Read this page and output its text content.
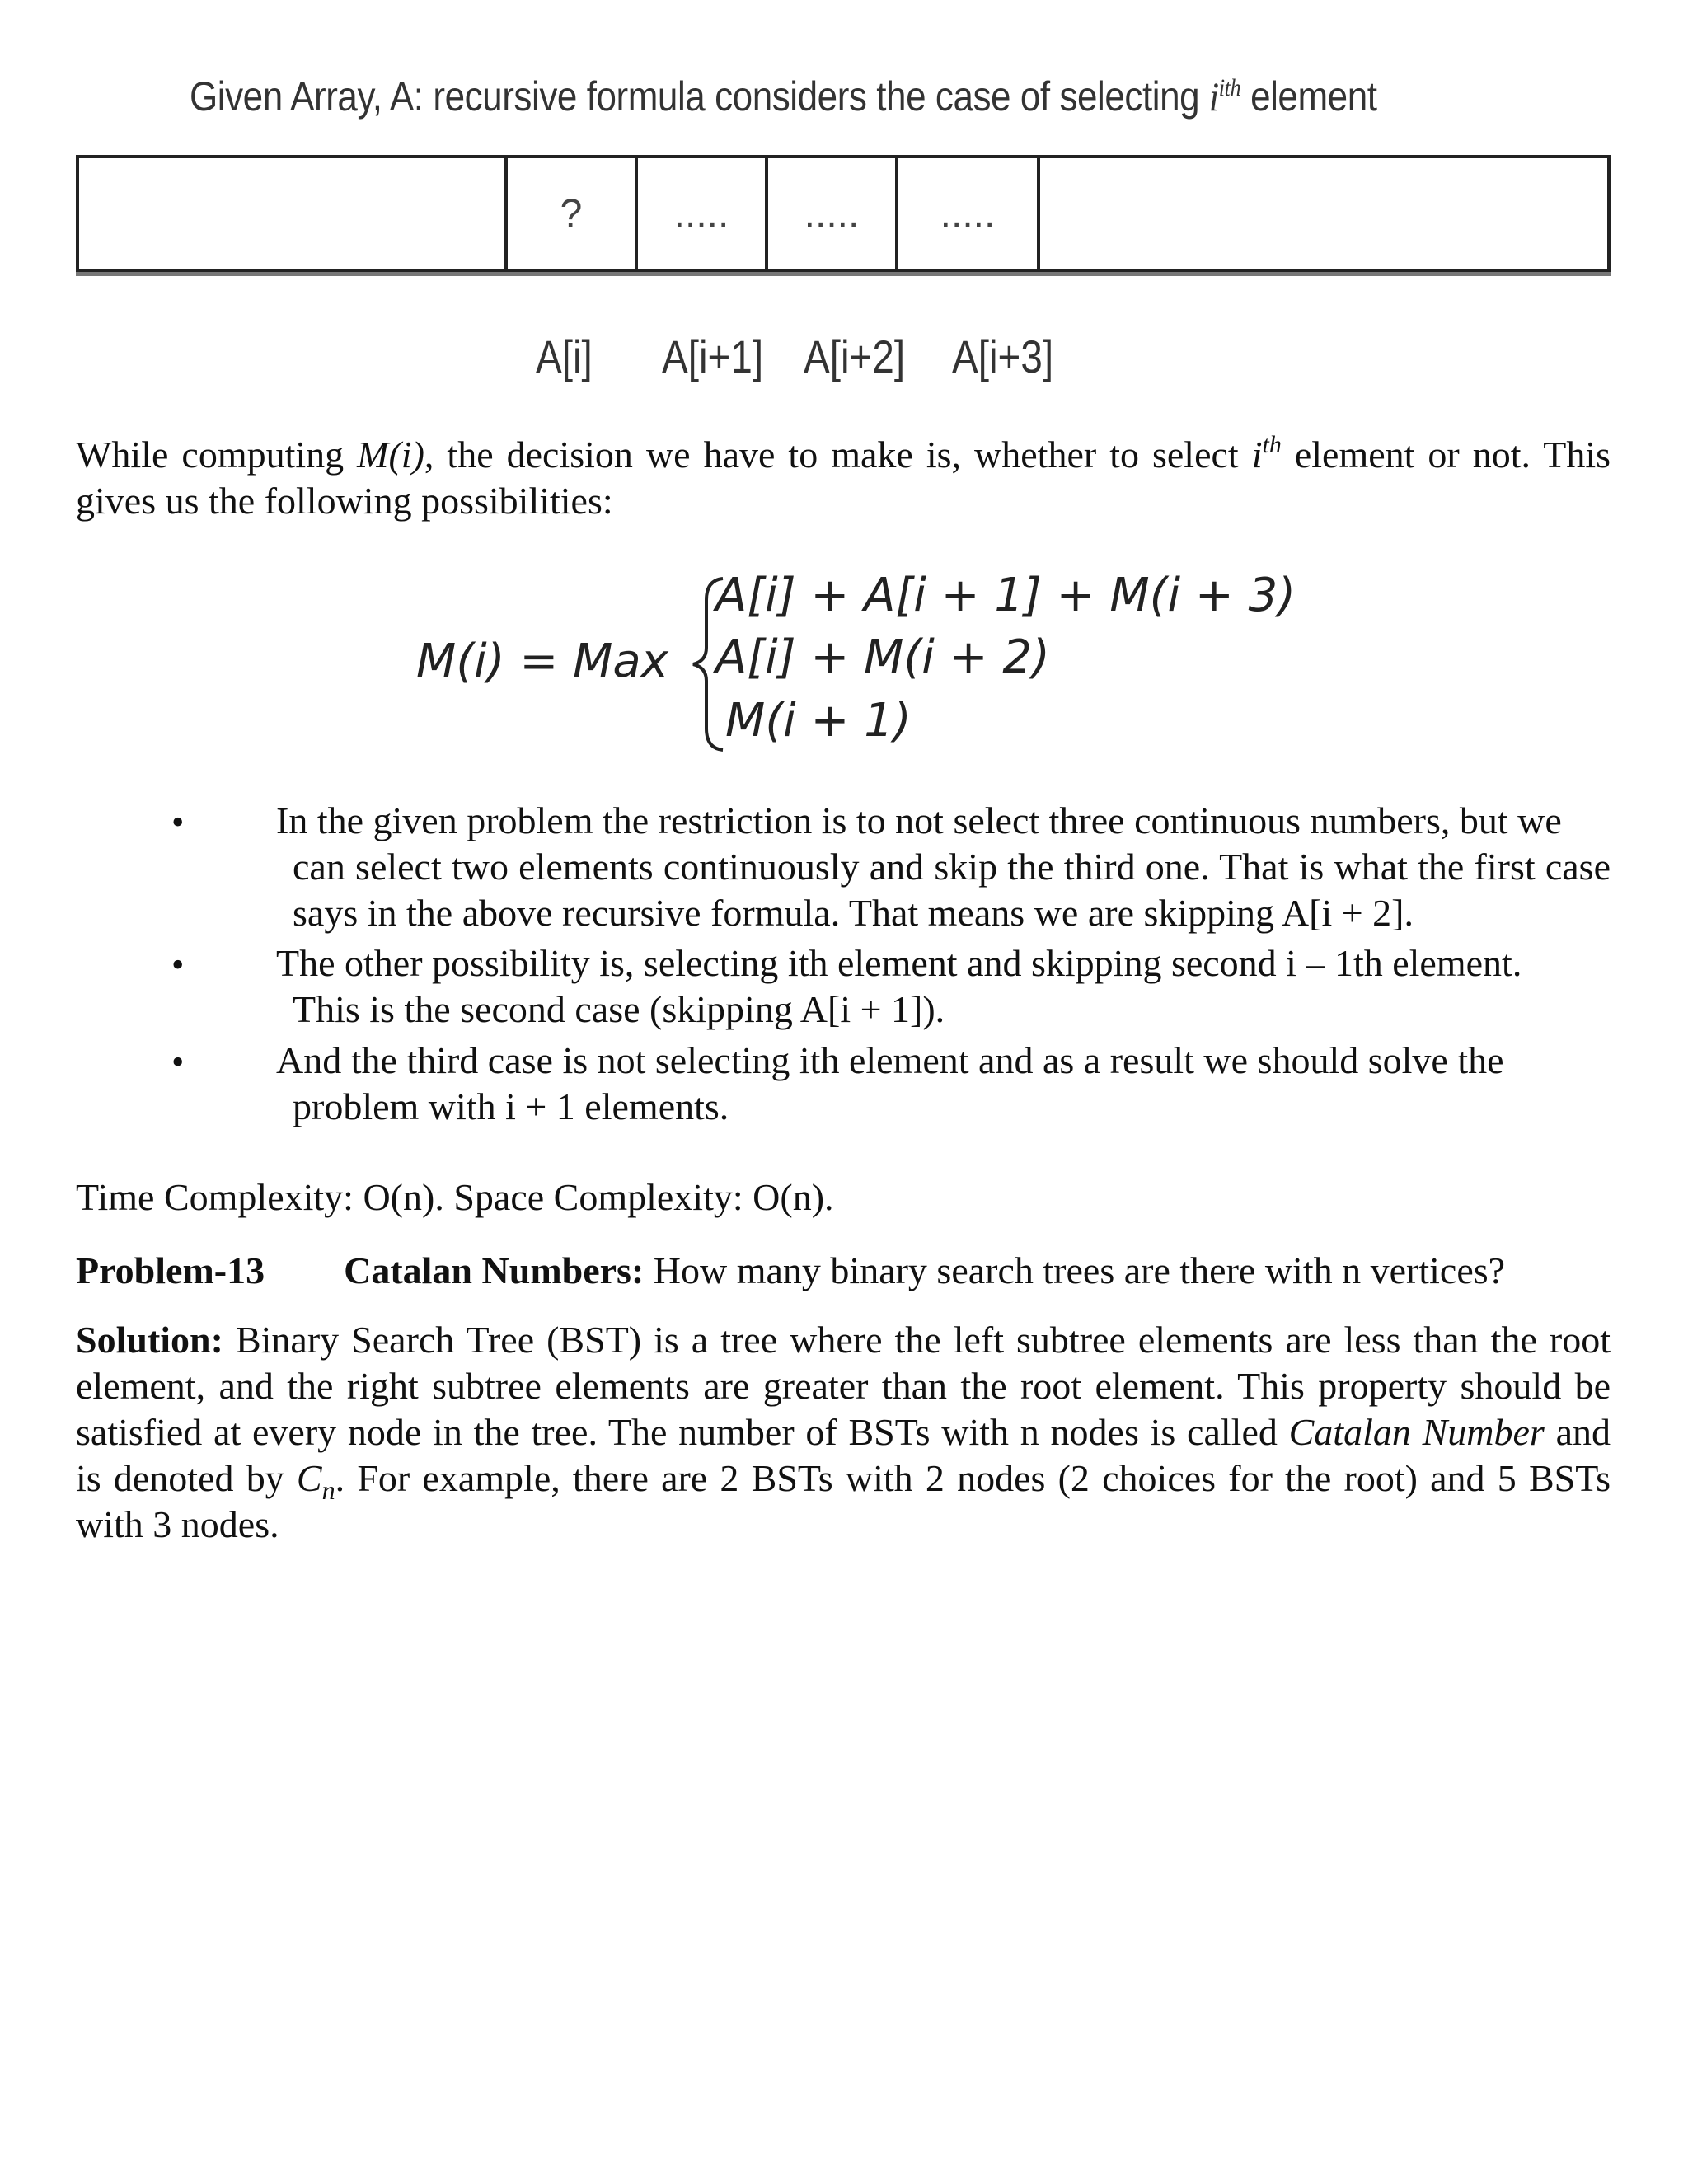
Given Array, A: recursive formula considers the case of selecting $i^{ith}$ element
?	.....	.....	.....
A[i] A[i+1] A[i+2] A[i+3]
While computing M(i), the decision we have to make is, whether to select $i^{th}$ element or not. This gives us the following possibilities:
M(i) = Max
A[i] + A[i + 1] + M(i + 3)
A[i] + M(i + 2)
M(i + 1)
• In the given problem the restriction is to not select three continuous numbers, but we
can select two elements continuously and skip the third one. That is what the first case says in the above recursive formula. That means we are skipping A[i + 2].
• The other possibility is, selecting ith element and skipping second i – 1th element.
This is the second case (skipping A[i + 1]).
• And the third case is not selecting ith element and as a result we should solve the
problem with i + 1 elements.
Time Complexity: O(n). Space Complexity: O(n).
Problem-13 Catalan Numbers: How many binary search trees are there with n vertices?
Solution: Binary Search Tree (BST) is a tree where the left subtree elements are less than the root element, and the right subtree elements are greater than the root element. This property should be satisfied at every node in the tree. The number of BSTs with n nodes is called Catalan Number and is denoted by $C_n$. For example, there are 2 BSTs with 2 nodes (2 choices for the root) and 5 BSTs with 3 nodes.
